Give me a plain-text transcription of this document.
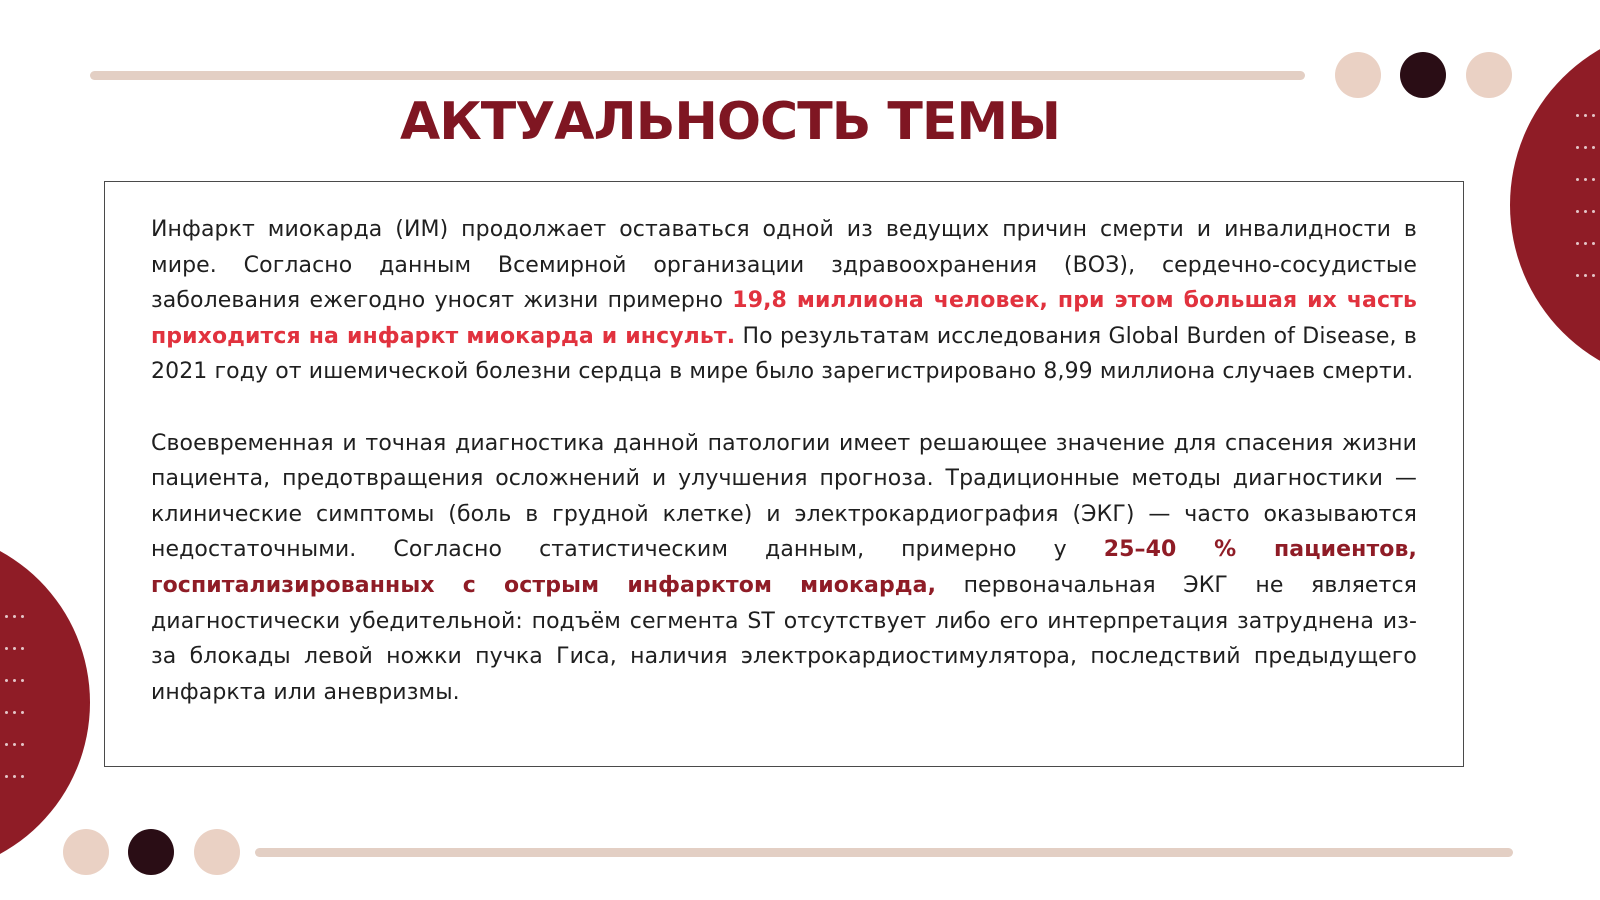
АКТУАЛЬНОСТЬ ТЕМЫ

Инфаркт миокарда (ИМ) продолжает оставаться одной из ведущих причин смерти и инвалидности в мире. Согласно данным Всемирной организации здравоохранения (ВОЗ), сердечно-сосудистые заболевания ежегодно уносят жизни примерно 19,8 миллиона человек, при этом большая их часть приходится на инфаркт миокарда и инсульт. По результатам исследования Global Burden of Disease, в 2021 году от ишемической болезни сердца в мире было зарегистрировано 8,99 миллиона случаев смерти.

Своевременная и точная диагностика данной патологии имеет решающее значение для спасения жизни пациента, предотвращения осложнений и улучшения прогноза. Традиционные методы диагностики — клинические симптомы (боль в грудной клетке) и электрокардиография (ЭКГ) — часто оказываются недостаточными. Согласно статистическим данным, примерно у 25–40 % пациентов, госпитализированных с острым инфарктом миокарда, первоначальная ЭКГ не является диагностически убедительной: подъём сегмента ST отсутствует либо его интерпретация затруднена из-за блокады левой ножки пучка Гиса, наличия электрокардиостимулятора, последствий предыдущего инфаркта или аневризмы.
